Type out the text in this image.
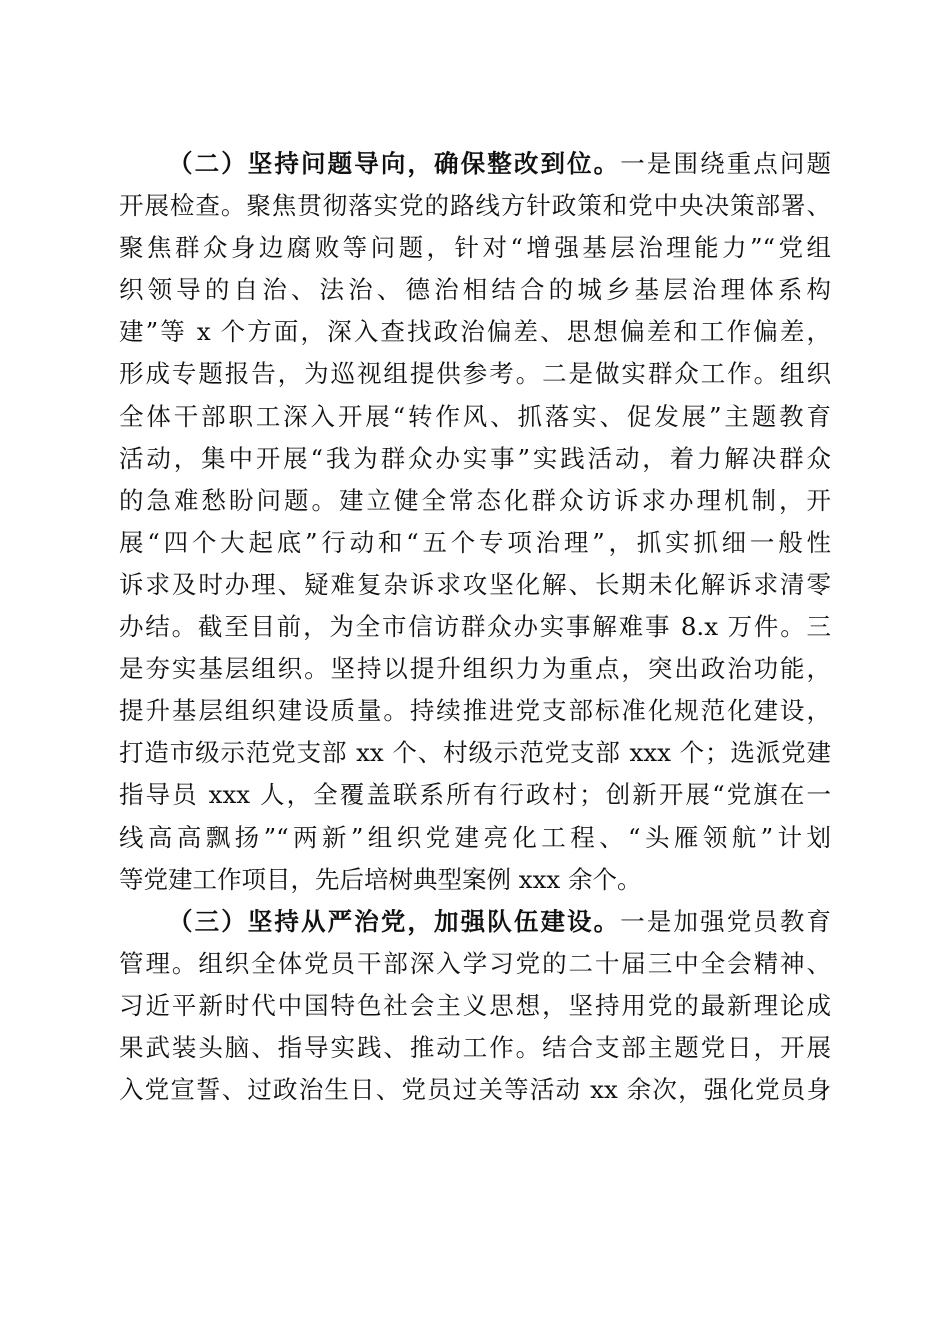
（二）坚持问题导向，确保整改到位。一是围绕重点问题
开展检查。聚焦贯彻落实党的路线方针政策和党中央决策部署、
聚焦群众身边腐败等问题，针对“增强基层治理能力”“党组
织领导的自治、法治、德治相结合的城乡基层治理体系构
建”等 x 个方面，深入查找政治偏差、思想偏差和工作偏差，
形成专题报告，为巡视组提供参考。二是做实群众工作。组织
全体干部职工深入开展“转作风、抓落实、促发展”主题教育
活动，集中开展“我为群众办实事”实践活动，着力解决群众
的急难愁盼问题。建立健全常态化群众访诉求办理机制，开
展“四个大起底”行动和“五个专项治理”，抓实抓细一般性
诉求及时办理、疑难复杂诉求攻坚化解、长期未化解诉求清零
办结。截至目前，为全市信访群众办实事解难事 8.x 万件。三
是夯实基层组织。坚持以提升组织力为重点，突出政治功能，
提升基层组织建设质量。持续推进党支部标准化规范化建设，
打造市级示范党支部 xx 个、村级示范党支部 xxx 个；选派党建
指导员 xxx 人，全覆盖联系所有行政村；创新开展“党旗在一
线高高飘扬”“两新”组织党建亮化工程、“头雁领航”计划
等党建工作项目，先后培树典型案例 xxx 余个。
（三）坚持从严治党，加强队伍建设。一是加强党员教育
管理。组织全体党员干部深入学习党的二十届三中全会精神、
习近平新时代中国特色社会主义思想，坚持用党的最新理论成
果武装头脑、指导实践、推动工作。结合支部主题党日，开展
入党宣誓、过政治生日、党员过关等活动 xx 余次，强化党员身
